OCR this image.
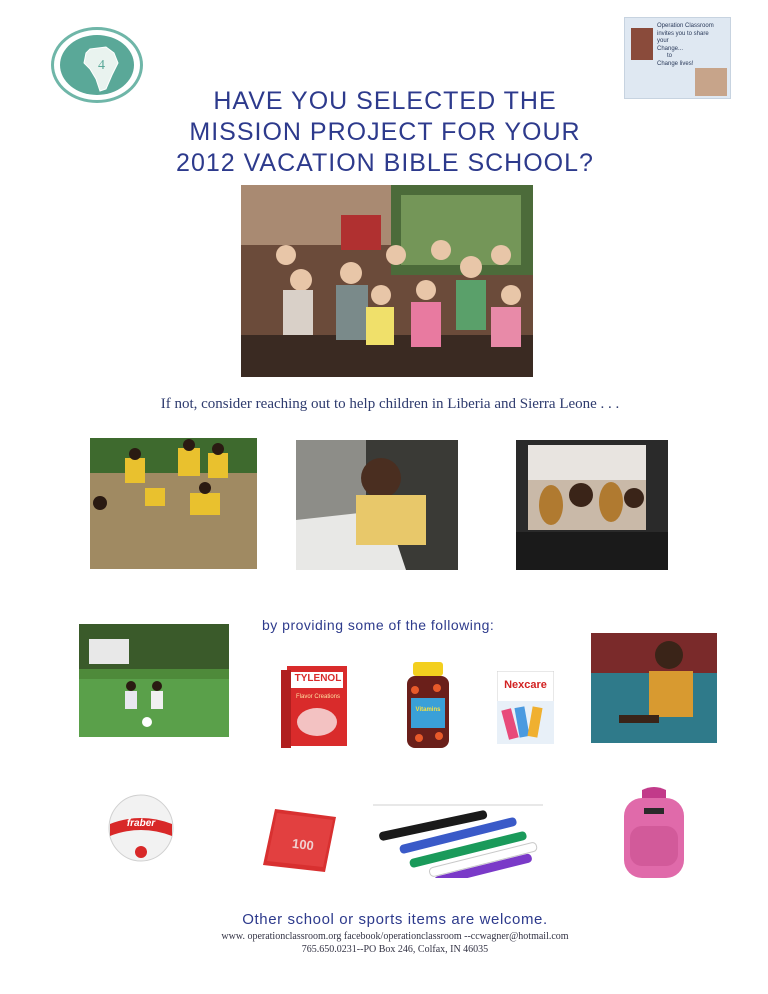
4
Operation Classroom
invites you to share
your
Change...
to
Change lives!
HAVE YOU SELECTED THE
MISSION PROJECT FOR YOUR
2012 VACATION BIBLE SCHOOL?
If not, consider reaching out to help children in Liberia and Sierra Leone . . .
by providing some of the following:
TYLENOL
Flavor Creations
Vitamins
Nexcare
fraber
100
Other school or sports items are welcome.
www. operationclassroom.org facebook/operationclassroom --ccwagner@hotmail.com
765.650.0231--PO Box 246, Colfax, IN 46035
